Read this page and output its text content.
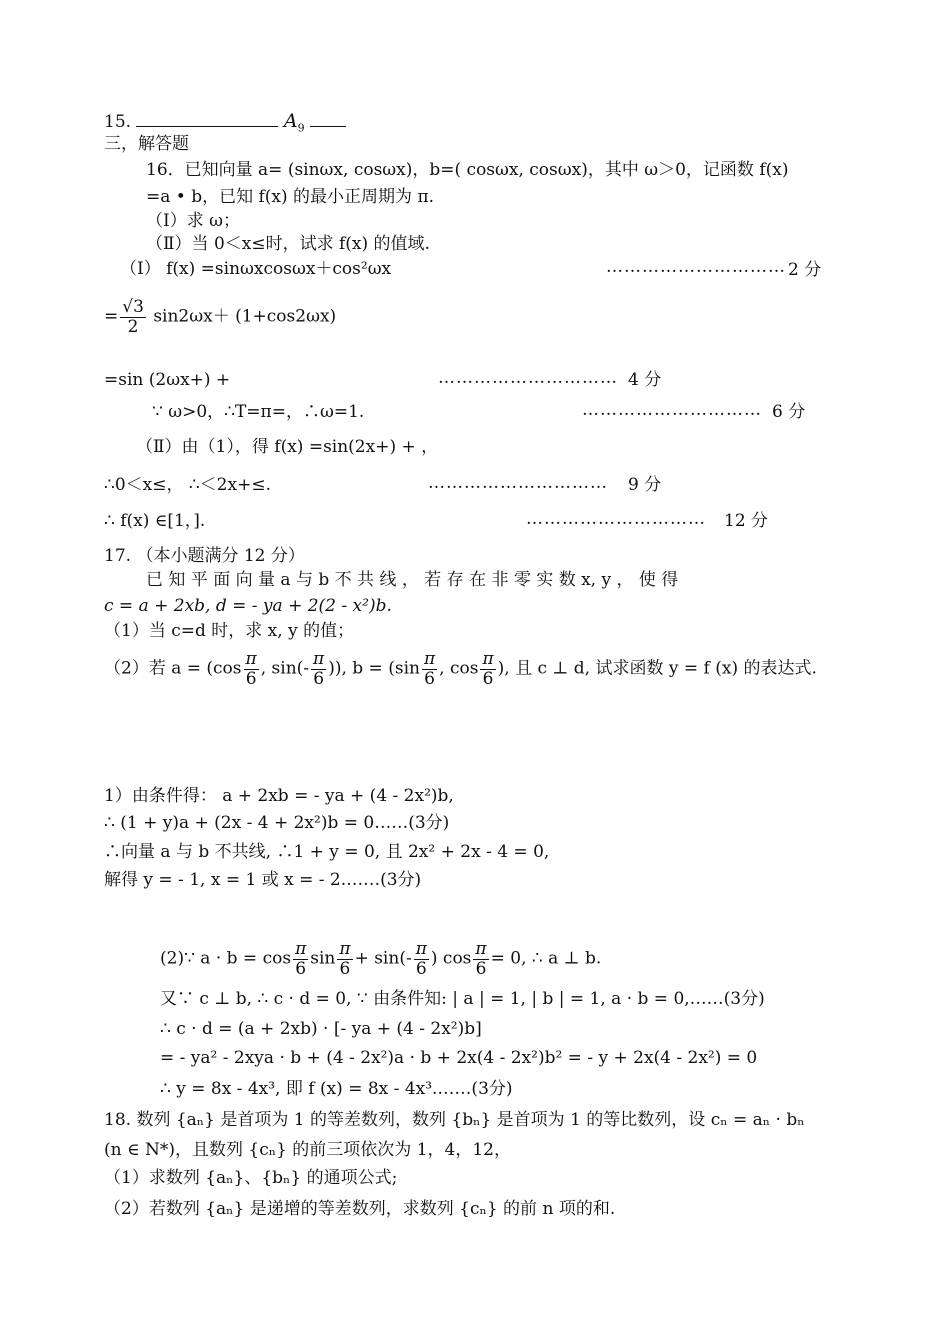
15.	$A_9$
三，解答题
16．已知向量 a= (sinωx, cosωx)，b=( cosωx, cosωx)，其中 ω＞0，记函数 f(x)
=a • b，已知 f(x) 的最小正周期为 π.
（Ⅰ）求 ω；
（Ⅱ）当 0＜x≤时，试求 f(x) 的值域.
（Ⅰ） f(x) =sinωxcosωx＋cos²ωx	………………………… 2 分
= $\frac{√3}{2} \sin 2\omega x+ (1+\cos 2\omega x)$
=sin (2ωx+) +	………………………… 4 分
∵ ω>0，∴T=π=，∴ω=1.	………………………… 6 分
（Ⅱ）由（1），得 f(x) =sin(2x+) + ，
∴0＜x≤， ∴＜2x+≤.	………………………… 9 分
∴ f(x) ∈[1，].	………………………… 12 分
17. （本小题满分 12 分）
已 知 平 面 向 量 a 与 b 不 共 线 ， 若 存 在 非 零 实 数 x, y ， 使 得
c = a + 2xb, d = - ya + 2(2 - x²)b.
（1）当 c=d 时，求 x, y 的值；
（2）若 $a = (\cos \frac{\pi}{6}$ , $\sin(- \frac{\pi}{6}$ )), $b = (\sin \frac{\pi}{6}$ , $\cos \frac{\pi}{6}$ ), 且 c ⊥ d, 试求函数 y = f (x) 的表达式.
1）由条件得： a + 2xb = - ya + (4 - 2x²)b,
∴ (1 + y)a + (2x - 4 + 2x²)b = 0……(3分)
∴向量 a 与 b 不共线, ∴1 + y = 0, 且 2x² + 2x - 4 = 0,
解得 y = - 1, x = 1 或 x = - 2.……(3分)
(2)∵ $a \cdot b = \cos \frac{\pi}{6}$ $\sin \frac{\pi}{6} + \sin(- \frac{\pi}{6}$ ) $\cos \frac{\pi}{6} = 0$, ∴ a ⊥ b.
又∵ c ⊥ b, ∴ c · d = 0, ∵ 由条件知: | a | = 1, | b | = 1, a · b = 0,……(3分)
∴ c · d = (a + 2xb) · [- ya + (4 - 2x²)b]
= - ya² - 2xya · b + (4 - 2x²)a · b + 2x(4 - 2x²)b² = - y + 2x(4 - 2x²) = 0
∴ y = 8x - 4x³, 即 f (x) = 8x - 4x³.……(3分)
18. 数列 {aₙ} 是首项为 1 的等差数列，数列 {bₙ} 是首项为 1 的等比数列，设 cₙ = aₙ · bₙ
(n ∈ N*)，且数列 {cₙ} 的前三项依次为 1，4，12，
（1）求数列 {aₙ}、{bₙ} 的通项公式;
（2）若数列 {aₙ} 是递增的等差数列，求数列 {cₙ} 的前 n 项的和.
